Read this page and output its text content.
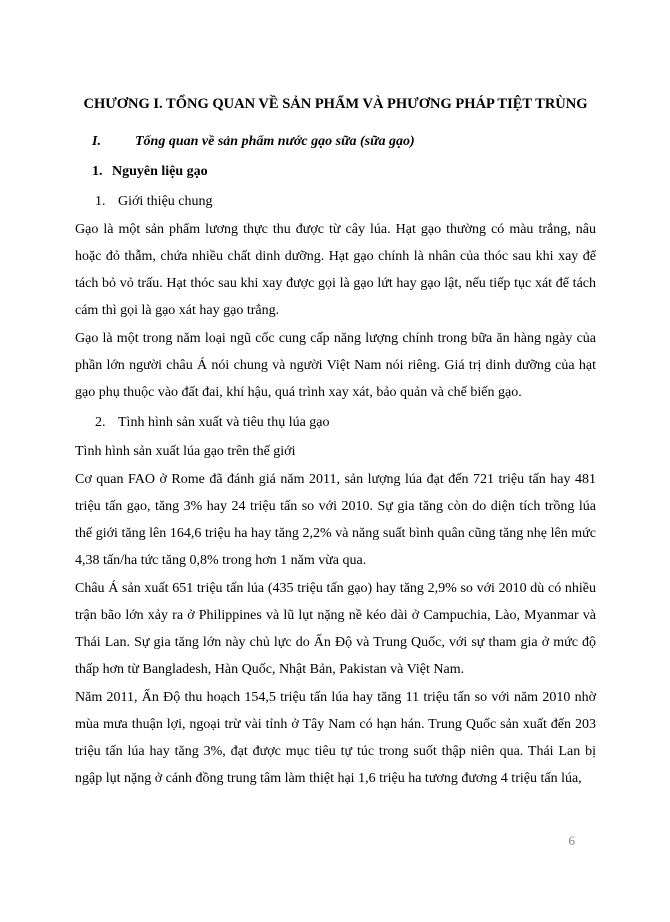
CHƯƠNG I. TỔNG QUAN VỀ SẢN PHẨM VÀ PHƯƠNG PHÁP TIỆT TRÙNG
I. Tổng quan về sản phẩm nước gạo sữa (sữa gạo)
1. Nguyên liệu gạo
1. Giới thiệu chung

Gạo là một sản phẩm lương thực thu được từ cây lúa. Hạt gạo thường có màu trắng, nâu hoặc đỏ thẫm, chứa nhiều chất dinh dưỡng. Hạt gạo chính là nhân của thóc sau khi xay để tách bỏ vỏ trấu. Hạt thóc sau khi xay được gọi là gạo lứt hay gạo lật, nếu tiếp tục xát để tách cám thì gọi là gạo xát hay gạo trắng.

Gạo là một trong năm loại ngũ cốc cung cấp năng lượng chính trong bữa ăn hàng ngày của phần lớn người châu Á nói chung và người Việt Nam nói riêng. Giá trị dinh dưỡng của hạt gạo phụ thuộc vào đất đai, khí hậu, quá trình xay xát, bảo quản và chế biến gạo.

2. Tình hình sản xuất và tiêu thụ lúa gạo
Tình hình sản xuất lúa gạo trên thế giới

Cơ quan FAO ở Rome đã đánh giá năm 2011, sản lượng lúa đạt đến 721 triệu tấn hay 481 triệu tấn gạo, tăng 3% hay 24 triệu tấn so với 2010. Sự gia tăng còn do diện tích trồng lúa thế giới tăng lên 164,6 triệu ha hay tăng 2,2% và năng suất bình quân cũng tăng nhẹ lên mức 4,38 tấn/ha tức tăng 0,8% trong hơn 1 năm vừa qua.

Châu Á sản xuất 651 triệu tấn lúa (435 triệu tấn gạo) hay tăng 2,9% so với 2010 dù có nhiều trận bão lớn xảy ra ở Philippines và lũ lụt nặng nề kéo dài ở Campuchia, Lào, Myanmar và Thái Lan. Sự gia tăng lớn này chủ lực do Ấn Độ và Trung Quốc, với sự tham gia ở mức độ thấp hơn từ Bangladesh, Hàn Quốc, Nhật Bản, Pakistan và Việt Nam.

Năm 2011, Ấn Độ thu hoạch 154,5 triệu tấn lúa hay tăng 11 triệu tấn so với năm 2010 nhờ mùa mưa thuận lợi, ngoại trừ vài tỉnh ở Tây Nam có hạn hán. Trung Quốc sản xuất đến 203 triệu tấn lúa hay tăng 3%, đạt được mục tiêu tự túc trong suốt thập niên qua. Thái Lan bị ngập lụt nặng ở cánh đồng trung tâm làm thiệt hại 1,6 triệu ha tương đương 4 triệu tấn lúa,

6
